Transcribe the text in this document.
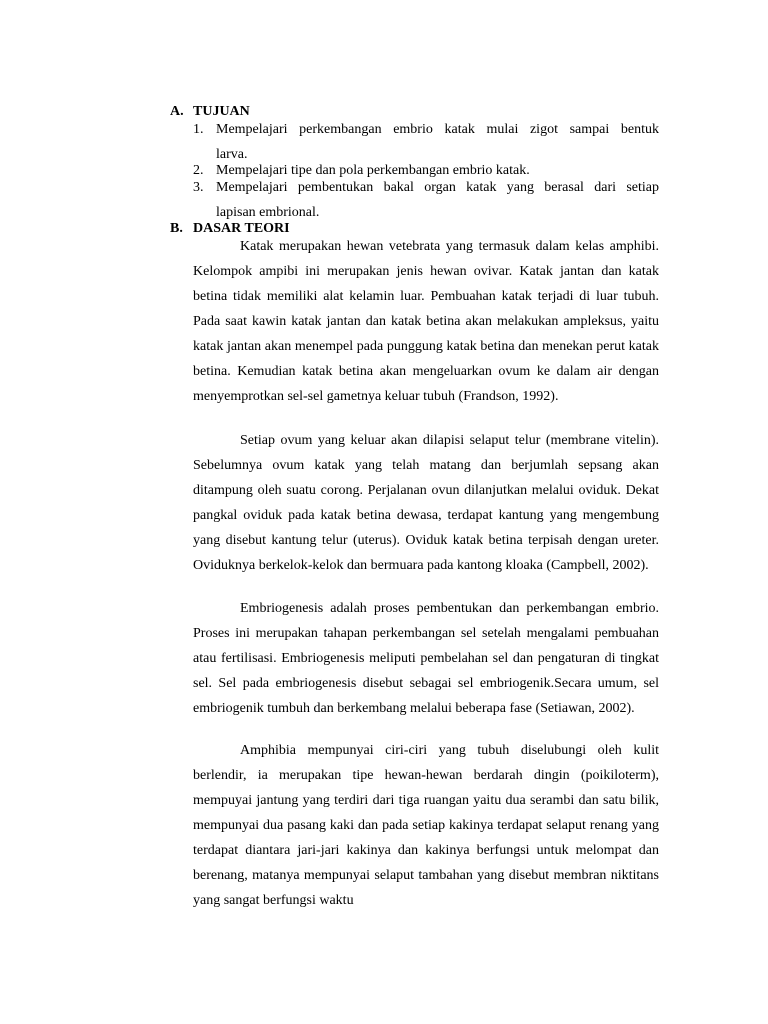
A. TUJUAN
1. Mempelajari perkembangan embrio katak mulai zigot sampai bentuk
larva.
2. Mempelajari tipe dan pola perkembangan embrio katak.
3. Mempelajari pembentukan bakal organ katak yang berasal dari setiap
lapisan embrional.
B. DASAR TEORI

Katak merupakan hewan vetebrata yang termasuk dalam kelas amphibi. Kelompok ampibi ini merupakan jenis hewan ovivar. Katak jantan dan katak betina tidak memiliki alat kelamin luar. Pembuahan katak terjadi di luar tubuh. Pada saat kawin katak jantan dan katak betina akan melakukan ampleksus, yaitu katak jantan akan menempel pada punggung katak betina dan menekan perut katak betina. Kemudian katak betina akan mengeluarkan ovum ke dalam air dengan menyemprotkan sel-sel gametnya keluar tubuh (Frandson, 1992).

Setiap ovum yang keluar akan dilapisi selaput telur (membrane vitelin). Sebelumnya ovum katak yang telah matang dan berjumlah sepsang akan ditampung oleh suatu corong. Perjalanan ovun dilanjutkan melalui oviduk. Dekat pangkal oviduk pada katak betina dewasa, terdapat kantung yang mengembung yang disebut kantung telur (uterus). Oviduk katak betina terpisah dengan ureter. Oviduknya berkelok-kelok dan bermuara pada kantong kloaka (Campbell, 2002).

Embriogenesis adalah proses pembentukan dan perkembangan embrio. Proses ini merupakan tahapan perkembangan sel setelah mengalami pembuahan atau fertilisasi. Embriogenesis meliputi pembelahan sel dan pengaturan di tingkat sel. Sel pada embriogenesis disebut sebagai sel embriogenik.Secara umum, sel embriogenik tumbuh dan berkembang melalui beberapa fase (Setiawan, 2002).

Amphibia mempunyai ciri-ciri yang tubuh diselubungi oleh kulit berlendir, ia merupakan tipe hewan-hewan berdarah dingin (poikiloterm), mempuyai jantung yang terdiri dari tiga ruangan yaitu dua serambi dan satu bilik, mempunyai dua pasang kaki dan pada setiap kakinya terdapat selaput renang yang terdapat diantara jari-jari kakinya dan kakinya berfungsi untuk melompat dan berenang, matanya mempunyai selaput tambahan yang disebut membran niktitans yang sangat berfungsi waktu
